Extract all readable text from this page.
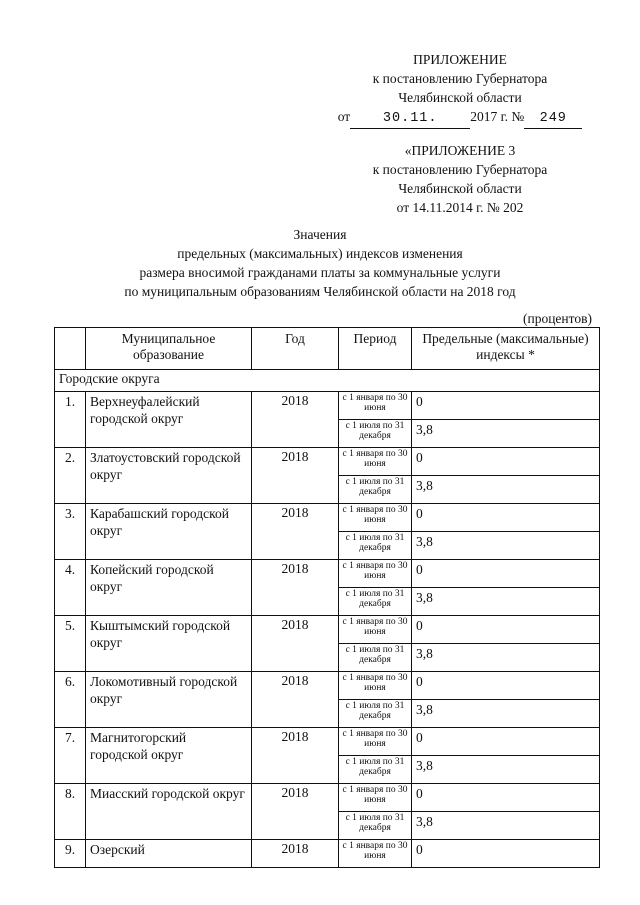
ПРИЛОЖЕНИЕ
к постановлению Губернатора
Челябинской области
от 30.11. 2017 г. № 249
«ПРИЛОЖЕНИЕ 3
к постановлению Губернатора
Челябинской области
от 14.11.2014 г. № 202
Значения
предельных (максимальных) индексов изменения
размера вносимой гражданами платы за коммунальные услуги
по муниципальным образованиям Челябинской области на 2018 год
(процентов)
	Муниципальное образование	Год	Период	Предельные (максимальные) индексы *
Городские округа				
1.	Верхнеуфалейский городской округ	2018	с 1 января по 30 июня	0
			с 1 июля по 31 декабря	3,8
2.	Златоустовский городской округ	2018	с 1 января по 30 июня	0
			с 1 июля по 31 декабря	3,8
3.	Карабашский городской округ	2018	с 1 января по 30 июня	0
			с 1 июля по 31 декабря	3,8
4.	Копейский городской округ	2018	с 1 января по 30 июня	0
			с 1 июля по 31 декабря	3,8
5.	Кыштымский городской округ	2018	с 1 января по 30 июня	0
			с 1 июля по 31 декабря	3,8
6.	Локомотивный городской округ	2018	с 1 января по 30 июня	0
			с 1 июля по 31 декабря	3,8
7.	Магнитогорский городской округ	2018	с 1 января по 30 июня	0
			с 1 июля по 31 декабря	3,8
8.	Миасский городской округ	2018	с 1 января по 30 июня	0
			с 1 июля по 31 декабря	3,8
9.	Озерский	2018	с 1 января по 30 июня	0
